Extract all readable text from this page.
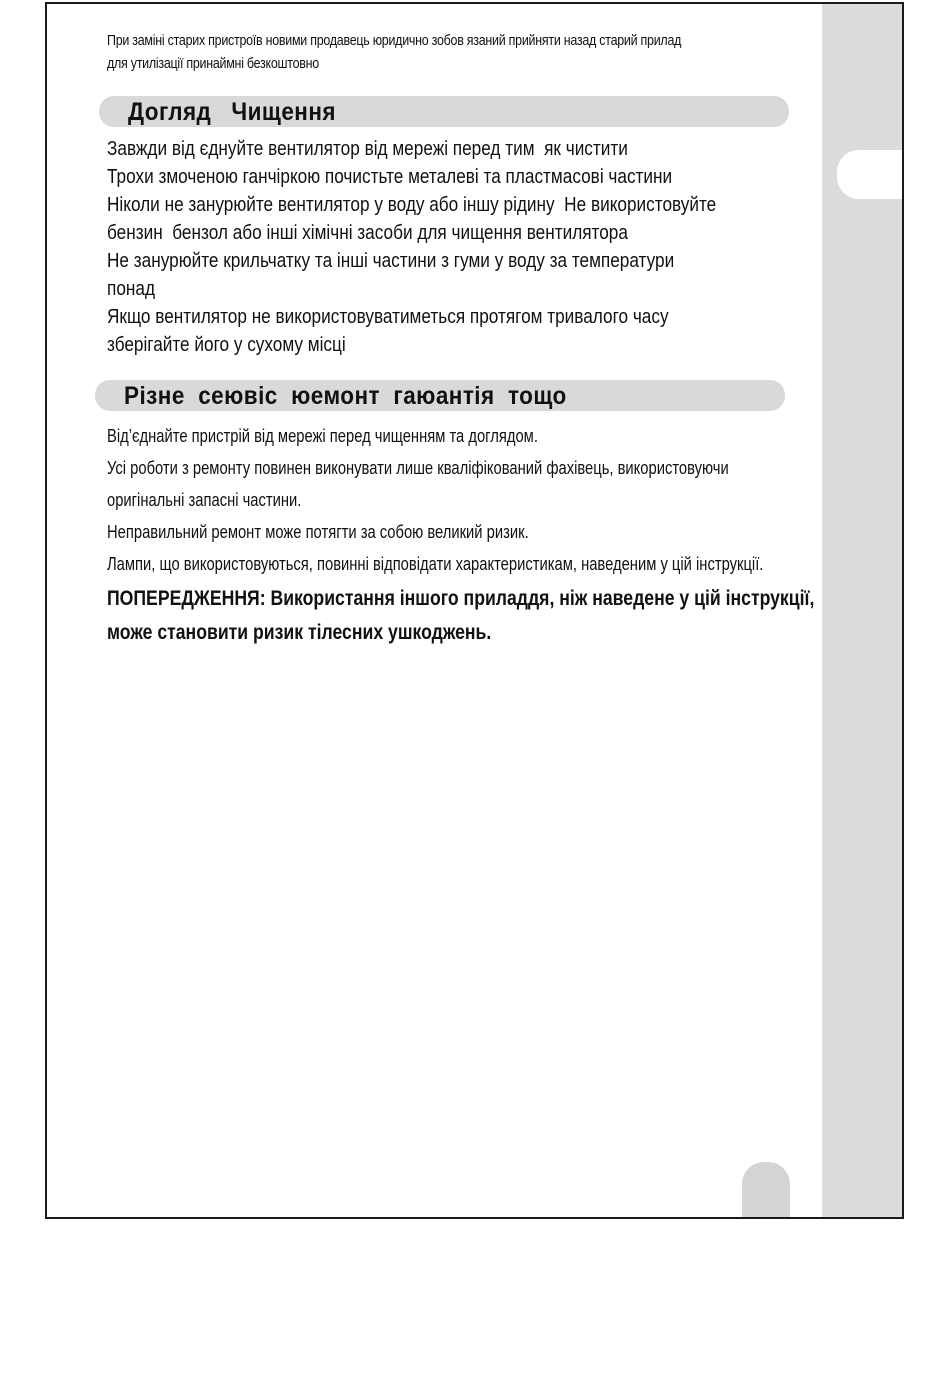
При заміні старих пристроїв новими продавець юридично зобов язаний прийняти назад старий прилад
для утилізації принаймні безкоштовно
Догляд   Чищення
Завжди від єднуйте вентилятор від мережі перед тим  як чистити
Трохи змоченою ганчіркою почистьте металеві та пластмасові частини
Ніколи не занурюйте вентилятор у воду або іншу рідину  Не використовуйте
бензин  бензол або інші хімічні засоби для чищення вентилятора
Не занурюйте крильчатку та інші частини з гуми у воду за температури
понад
Якщо вентилятор не використовуватиметься протягом тривалого часу
зберігайте його у сухому місці
Різне  сеювіс  юемонт  гаюантія  тощо
Від’єднайте пристрій від мережі перед чищенням та доглядом.
Усі роботи з ремонту повинен виконувати лише кваліфікований фахівець, використовуючи
оригінальні запасні частини.
Неправильний ремонт може потягти за собою великий ризик.
Лампи, що використовуються, повинні відповідати характеристикам, наведеним у цій інструкції.
ПОПЕРЕДЖЕННЯ: Використання іншого приладдя, ніж наведене у цій інструкції,
може становити ризик тілесних ушкоджень.
